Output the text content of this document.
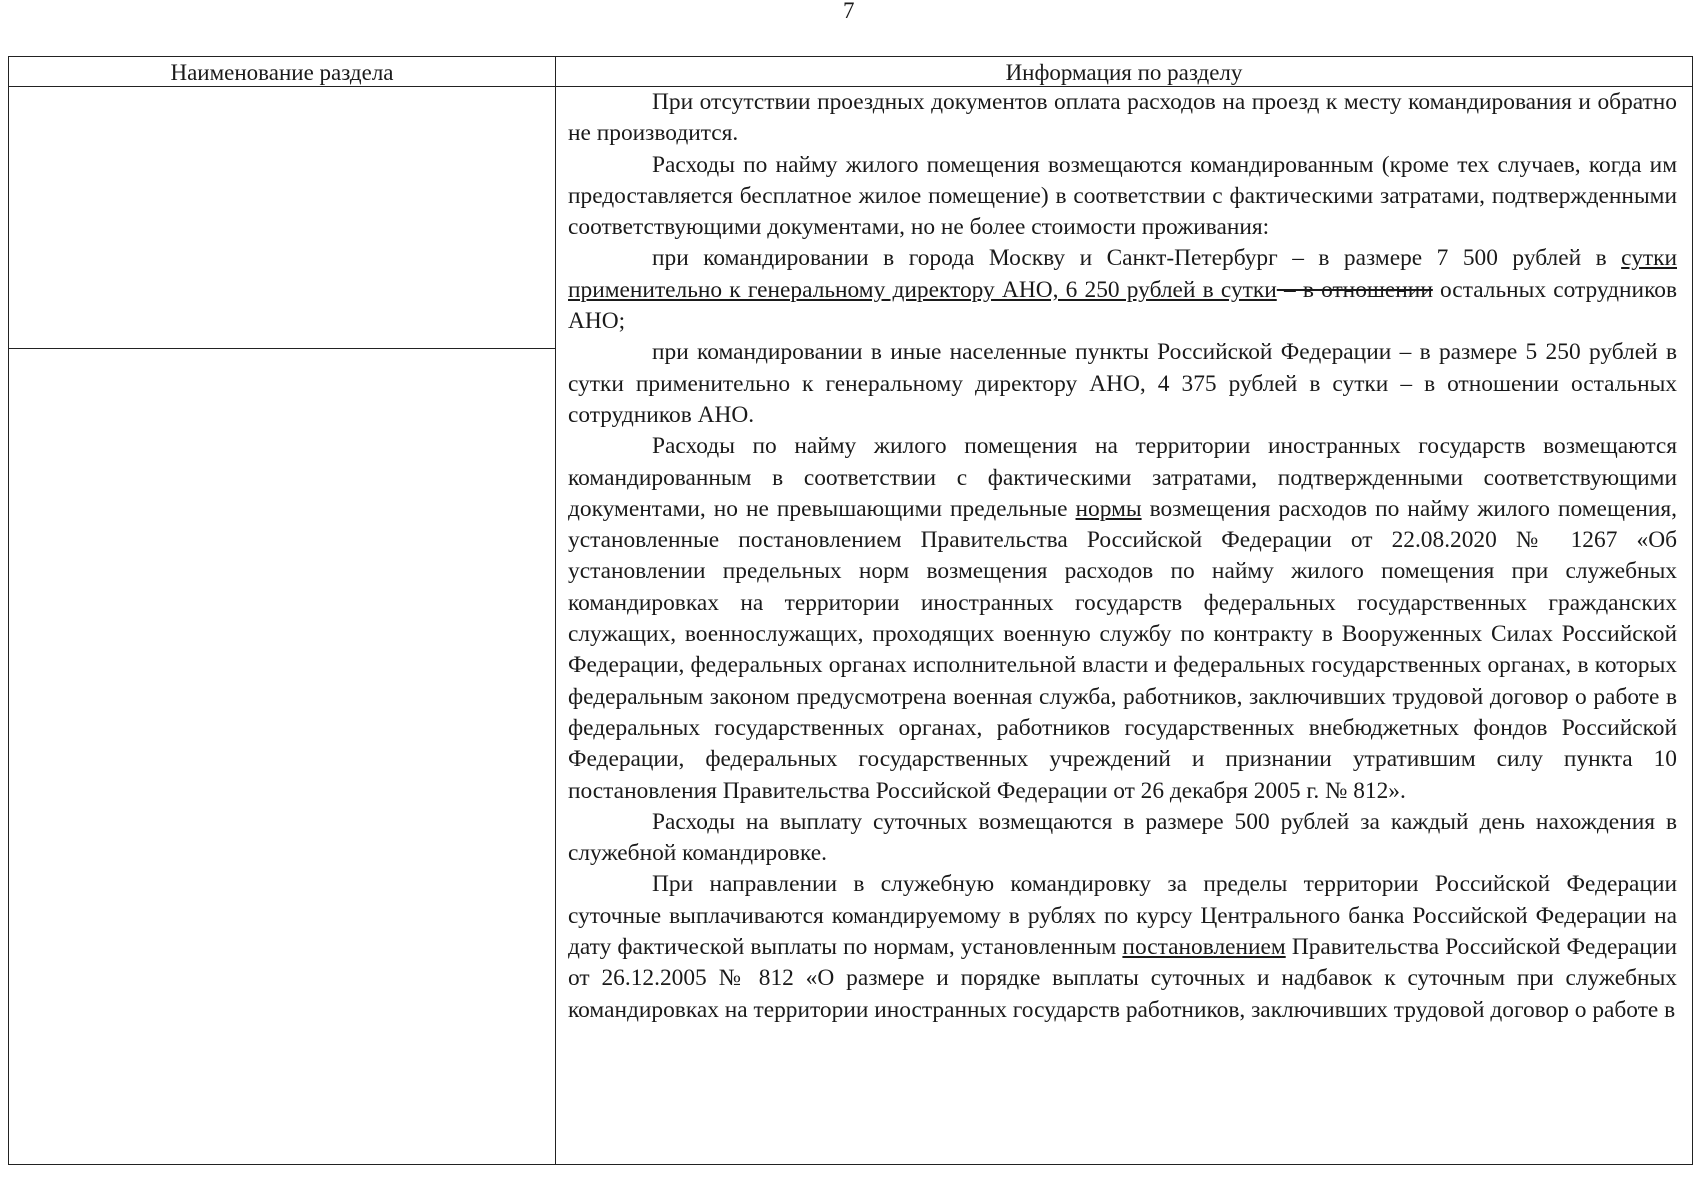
7
Наименование раздела	Информация по разделу

При отсутствии проездных документов оплата расходов на проезд к месту командирования и обратно не производится.

Расходы по найму жилого помещения возмещаются командированным (кроме тех случаев, когда им предоставляется бесплатное жилое помещение) в соответствии с фактическими затратами, подтвержденными соответствующими документами, но не более стоимости проживания:

при командировании в города Москву и Санкт-Петербург – в размере 7 500 рублей в сутки применительно к генеральному директору АНО, 6 250 рублей в сутки – в отношении остальных сотрудников АНО;

при командировании в иные населенные пункты Российской Федерации – в размере 5 250 рублей в сутки применительно к генеральному директору АНО, 4 375 рублей в сутки – в отношении остальных сотрудников АНО.

Расходы по найму жилого помещения на территории иностранных государств возмещаются командированным в соответствии с фактическими затратами, подтвержденными соответствующими документами, но не превышающими предельные нормы возмещения расходов по найму жилого помещения, установленные постановлением Правительства Российской Федерации от 22.08.2020 № 1267 «Об установлении предельных норм возмещения расходов по найму жилого помещения при служебных командировках на территории иностранных государств федеральных государственных гражданских служащих, военнослужащих, проходящих военную службу по контракту в Вооруженных Силах Российской Федерации, федеральных органах исполнительной власти и федеральных государственных органах, в которых федеральным законом предусмотрена военная служба, работников, заключивших трудовой договор о работе в федеральных государственных органах, работников государственных внебюджетных фондов Российской Федерации, федеральных государственных учреждений и признании утратившим силу пункта 10 постановления Правительства Российской Федерации от 26 декабря 2005 г. № 812».

Расходы на выплату суточных возмещаются в размере 500 рублей за каждый день нахождения в служебной командировке.

При направлении в служебную командировку за пределы территории Российской Федерации суточные выплачиваются командируемому в рублях по курсу Центрального банка Российской Федерации на дату фактической выплаты по нормам, установленным постановлением Правительства Российской Федерации от 26.12.2005 № 812 «О размере и порядке выплаты суточных и надбавок к суточным при служебных командировках на территории иностранных государств работников, заключивших трудовой договор о работе в
